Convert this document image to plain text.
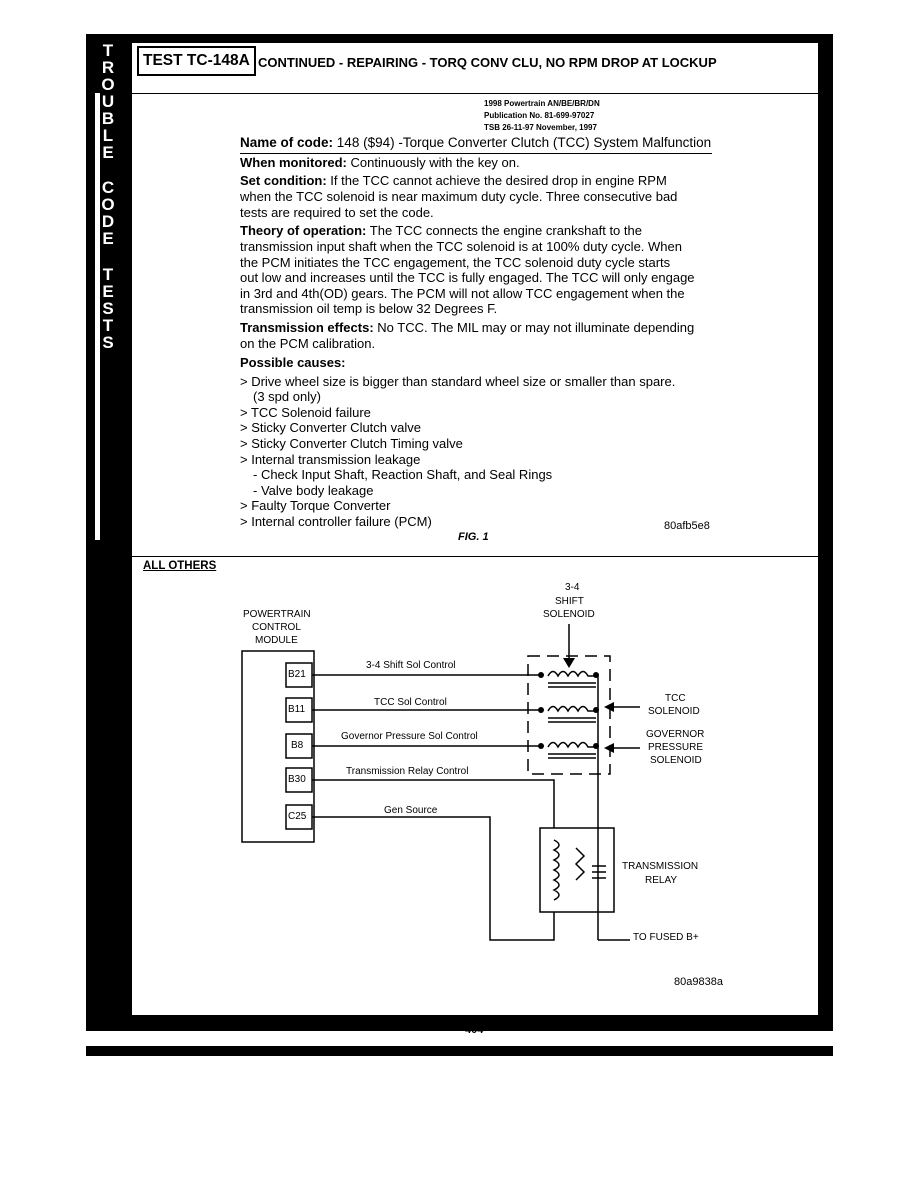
T
R
O
U
B
L
E
C
O
D
E
T
E
S
T
S
TEST TC-148A CONTINUED - REPAIRING - TORQ CONV CLU, NO RPM DROP AT LOCKUP
1998 Powertrain AN/BE/BR/DN
Publication No. 81-699-97027
TSB 26-11-97 November, 1997
Name of code: 148 ($94) -Torque Converter Clutch (TCC) System Malfunction
When monitored: Continuously with the key on.
Set condition: If the TCC cannot achieve the desired drop in engine RPM
when the TCC solenoid is near maximum duty cycle. Three consecutive bad
tests are required to set the code.
Theory of operation: The TCC connects the engine crankshaft to the
transmission input shaft when the TCC solenoid is at 100% duty cycle. When
the PCM initiates the TCC engagement, the TCC solenoid duty cycle starts
out low and increases until the TCC is fully engaged. The TCC will only engage
in 3rd and 4th(OD) gears. The PCM will not allow TCC engagement when the
transmission oil temp is below 32 Degrees F.
Transmission effects: No TCC. The MIL may or may not illuminate depending
on the PCM calibration.
Possible causes:
> Drive wheel size is bigger than standard wheel size or smaller than spare.
(3 spd only)
> TCC Solenoid failure
> Sticky Converter Clutch valve
> Sticky Converter Clutch Timing valve
> Internal transmission leakage
- Check Input Shaft, Reaction Shaft, and Seal Rings
- Valve body leakage
> Faulty Torque Converter
> Internal controller failure (PCM)	80afb5e8
FIG. 1
ALL OTHERS
POWERTRAIN
CONTROL
MODULE
3-4
SHIFT
SOLENOID
TCC
SOLENOID
GOVERNOR
PRESSURE
SOLENOID
TRANSMISSION
RELAY
TO FUSED B+
B21
B11
B8
B30
C25
3-4 Shift Sol Control
TCC Sol Control
Governor Pressure Sol Control
Transmission Relay Control
Gen Source
80a9838a
404
